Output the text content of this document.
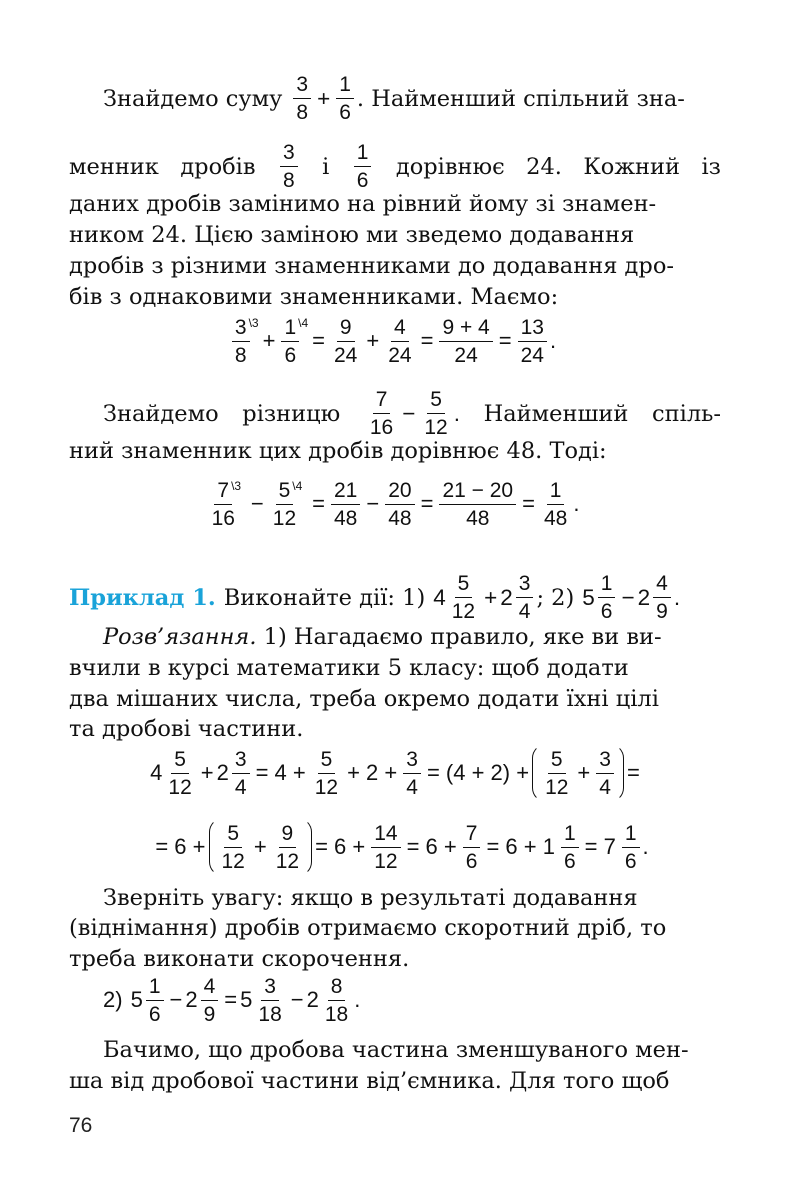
Знайдемо суму $\frac{3}{8} + \frac{1}{6}$ . Найменший спільний зна-
менник дробів $\frac{3}{8}$ і $\frac{1}{6}$ дорівнює 24. Кожний із
даних дробів замінимо на рівний йому зі знамен-
ником 24. Цією заміною ми зведемо додавання
дробів з різними знаменниками до додавання дро-
бів з однаковими знаменниками. Маємо:
$\frac{3 \backslash 3}{8} + \frac{1 \backslash 4}{6} = \frac{9}{24} + \frac{4}{24} = \frac{9 + 4}{24} = \frac{13}{24}$ .
Знайдемо різницю $\frac{7}{16} - \frac{5}{12}$ . Найменший спіль-
ний знаменник цих дробів дорівнює 48. Тоді:
$\frac{7 \backslash 3}{16} - \frac{5 \backslash 4}{12} = \frac{21}{48} - \frac{20}{48} = \frac{21 - 20}{48} = \frac{1}{48}$ .
Приклад 1. Виконайте дії: 1) $4 \frac{5}{12} + 2 \frac{3}{4}$ ; 2) $5 \frac{1}{6} - 2 \frac{4}{9}$ .
Розв’язання. 1) Нагадаємо правило, яке ви ви-
вчили в курсі математики 5 класу: щоб додати
два мішаних числа, треба окремо додати їхні цілі
та дробові частини.
$4 \frac{5}{12} + 2 \frac{3}{4} = 4 + \frac{5}{12} + 2 + \frac{3}{4} = (4 + 2) + \frac{5}{12} + \frac{3}{4}$ =
= $6 + \frac{5}{12} + \frac{9}{12} = 6 + \frac{14}{12} = 6 + \frac{7}{6} = 6 + 1 \frac{1}{6} = 7 \frac{1}{6}$ .
Зверніть увагу: якщо в результаті додавання
(віднімання) дробів отримаємо скоротний дріб, то
треба виконати скорочення.
2) $5 \frac{1}{6} - 2 \frac{4}{9} = 5 \frac{3}{18} - 2 \frac{8}{18}$ .
Бачимо, що дробова частина зменшуваного мен-
ша від дробової частини від’ємника. Для того щоб
76
